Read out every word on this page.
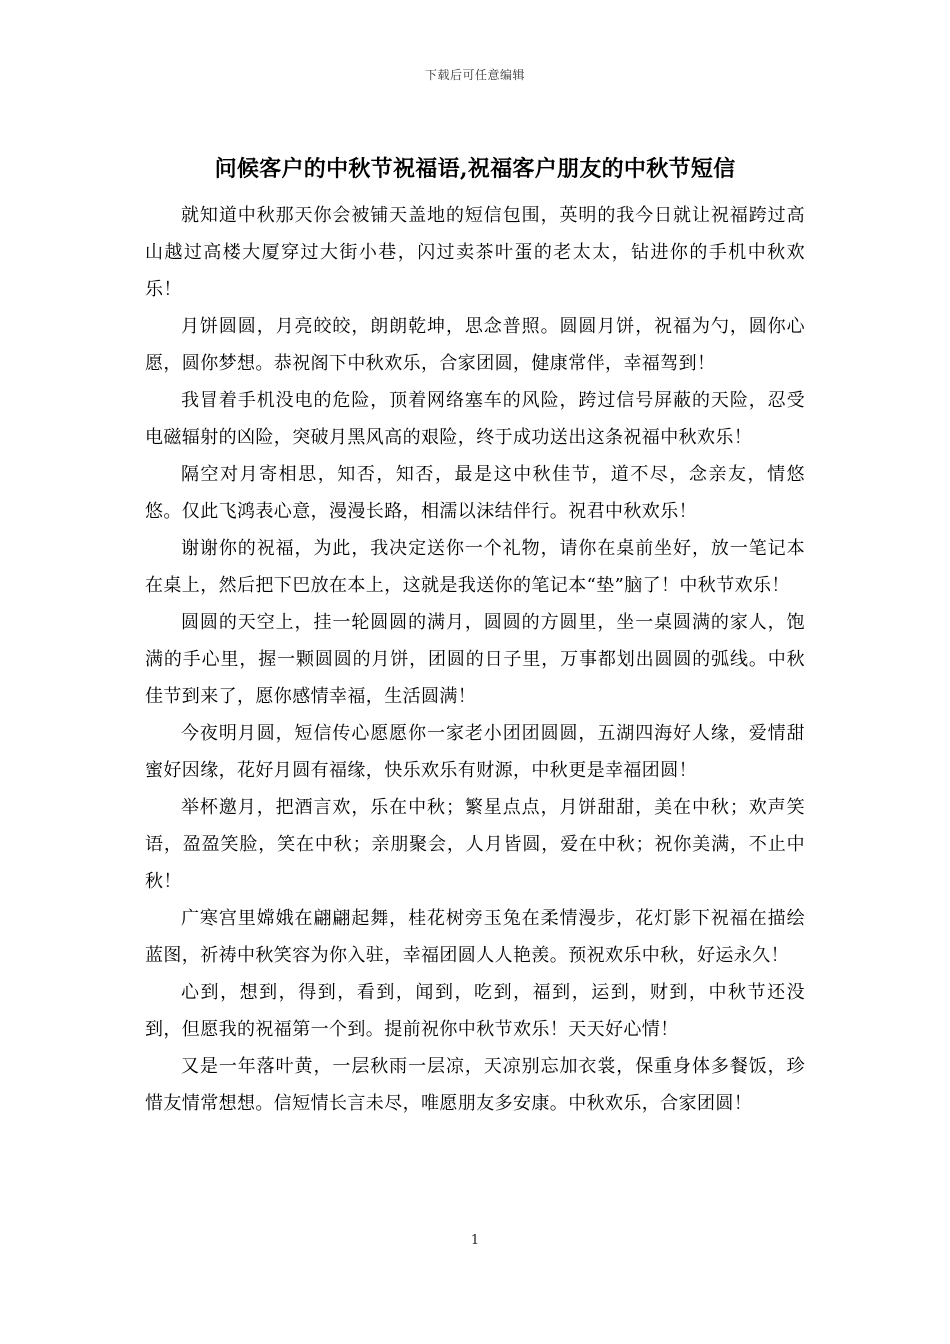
下载后可任意编辑
问候客户的中秋节祝福语,祝福客户朋友的中秋节短信

就知道中秋那天你会被铺天盖地的短信包围，英明的我今日就让祝福跨过高山越过高楼大厦穿过大街小巷，闪过卖茶叶蛋的老太太，钻进你的手机中秋欢乐！

月饼圆圆，月亮皎皎，朗朗乾坤，思念普照。圆圆月饼，祝福为勺，圆你心愿，圆你梦想。恭祝阁下中秋欢乐，合家团圆，健康常伴，幸福驾到！

我冒着手机没电的危险，顶着网络塞车的风险，跨过信号屏蔽的天险，忍受电磁辐射的凶险，突破月黑风高的艰险，终于成功送出这条祝福中秋欢乐！

隔空对月寄相思，知否，知否，最是这中秋佳节，道不尽，念亲友，情悠悠。仅此飞鸿表心意，漫漫长路，相濡以沫结伴行。祝君中秋欢乐！

谢谢你的祝福，为此，我决定送你一个礼物，请你在桌前坐好，放一笔记本在桌上，然后把下巴放在本上，这就是我送你的笔记本“垫”脑了！中秋节欢乐！

圆圆的天空上，挂一轮圆圆的满月，圆圆的方圆里，坐一桌圆满的家人，饱满的手心里，握一颗圆圆的月饼，团圆的日子里，万事都划出圆圆的弧线。中秋佳节到来了，愿你感情幸福，生活圆满！

今夜明月圆，短信传心愿愿你一家老小团团圆圆，五湖四海好人缘，爱情甜蜜好因缘，花好月圆有福缘，快乐欢乐有财源，中秋更是幸福团圆！

举杯邀月，把酒言欢，乐在中秋；繁星点点，月饼甜甜，美在中秋；欢声笑语，盈盈笑脸，笑在中秋；亲朋聚会，人月皆圆，爱在中秋；祝你美满，不止中秋！

广寒宫里嫦娥在翩翩起舞，桂花树旁玉兔在柔情漫步，花灯影下祝福在描绘蓝图，祈祷中秋笑容为你入驻，幸福团圆人人艳羡。预祝欢乐中秋，好运永久！

心到，想到，得到，看到，闻到，吃到，福到，运到，财到，中秋节还没到，但愿我的祝福第一个到。提前祝你中秋节欢乐！天天好心情！

又是一年落叶黄，一层秋雨一层凉，天凉别忘加衣裳，保重身体多餐饭，珍惜友情常想想。信短情长言未尽，唯愿朋友多安康。中秋欢乐，合家团圆！

1
